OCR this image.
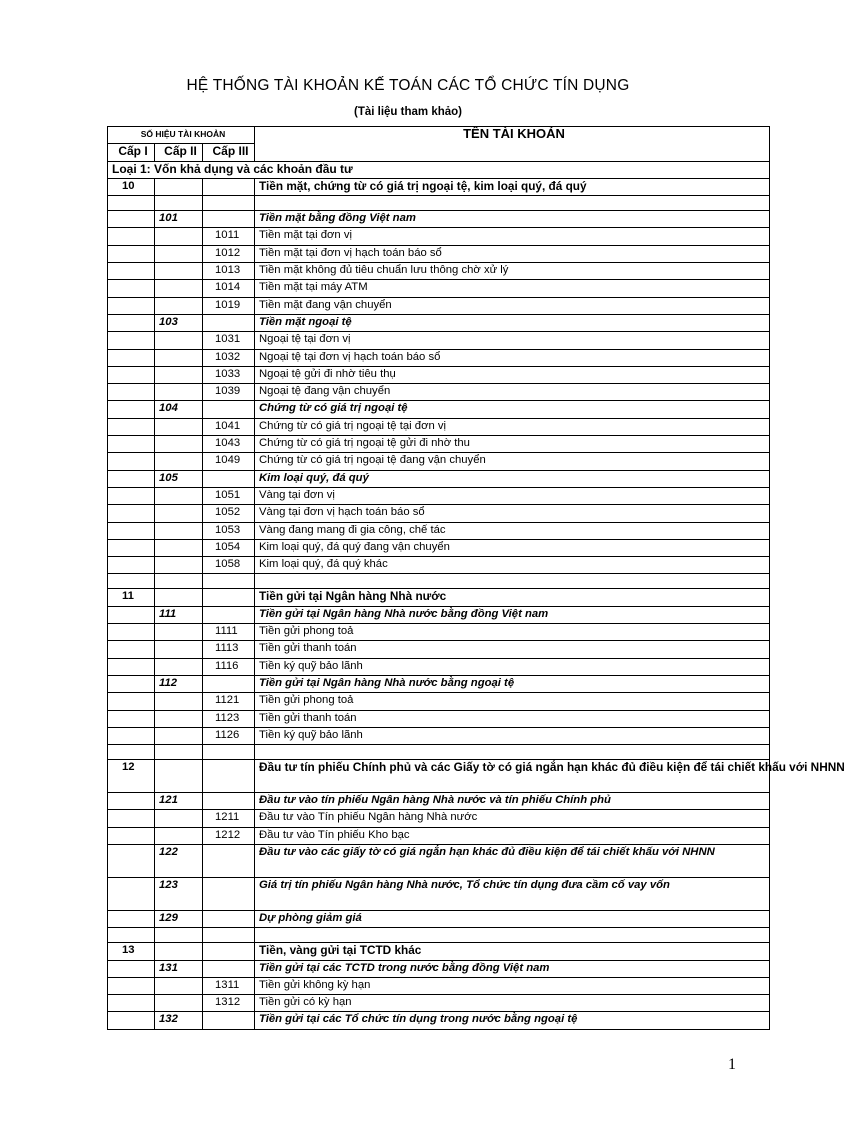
HỆ THỐNG TÀI KHOẢN KẾ TOÁN CÁC TỔ CHỨC TÍN DỤNG
(Tài liệu tham khảo)
SỐ HIỆU TÀI KHOẢN			TÊN TÀI KHOẢN
Cấp I	Cấp II	Cấp III	
Loại 1: Vốn khả dụng và các khoản đầu tư			
10			Tiền mặt, chứng từ có giá trị ngoại tệ, kim loại quý, đá quý

	101		Tiền mặt bằng đồng Việt nam
		1011	Tiền mặt tại đơn vị
		1012	Tiền mặt tại đơn vị hạch toán báo sổ
		1013	Tiền mặt không đủ tiêu chuẩn lưu thông chờ xử lý
		1014	Tiền mặt tại máy ATM
		1019	Tiền mặt đang vận chuyển
	103		Tiền mặt ngoại tệ
		1031	Ngoại tệ tại đơn vị
		1032	Ngoại tệ tại đơn vị hạch toán báo sổ
		1033	Ngoại tệ gửi đi nhờ tiêu thụ
		1039	Ngoại tệ đang vận chuyển
	104		Chứng từ có giá trị ngoại tệ
		1041	Chứng từ có giá trị ngoại tệ tại đơn vị
		1043	Chứng từ có giá trị ngoại tệ gửi đi nhờ thu
		1049	Chứng từ có giá trị ngoại tệ đang vận chuyển
	105		Kim loại quý, đá quý
		1051	Vàng tại đơn vị
		1052	Vàng tại đơn vị hạch toán báo sổ
		1053	Vàng đang mang đi gia công, chế tác
		1054	Kim loại quý, đá quý đang vận chuyển
		1058	Kim loại quý, đá quý khác

11			Tiền gửi tại Ngân hàng Nhà nước
	111		Tiền gửi tại Ngân hàng Nhà nước bằng đồng Việt nam
		1111	Tiền gửi phong toả
		1113	Tiền gửi thanh toán
		1116	Tiền ký quỹ bảo lãnh
	112		Tiền gửi tại Ngân hàng Nhà nước bằng ngoại tệ
		1121	Tiền gửi phong toả
		1123	Tiền gửi thanh toán
		1126	Tiền ký quỹ bảo lãnh

12			Đầu tư tín phiếu Chính phủ và các Giấy tờ có giá ngắn hạn khác đủ điều kiện để tái chiết khấu với NHNN
	121		Đầu tư vào tín phiếu Ngân hàng Nhà nước và tín phiếu Chính phủ
		1211	Đầu tư vào Tín phiếu Ngân hàng Nhà nước
		1212	Đầu tư vào Tín phiếu Kho bạc
	122		Đầu tư vào các giấy tờ có giá ngắn hạn khác đủ điều kiện để tái chiết khấu với NHNN
	123		Giá trị tín phiếu Ngân hàng Nhà nước, Tổ chức tín dụng đưa cầm cố vay vốn
	129		Dự phòng giảm giá

13			Tiền, vàng gửi tại TCTD khác
	131		Tiền gửi tại các TCTD trong nước bằng đồng Việt nam
		1311	Tiền gửi không kỳ hạn
		1312	Tiền gửi có kỳ hạn
	132		Tiền gửi tại các Tổ chức tín dụng trong nước bằng ngoại tệ
1
